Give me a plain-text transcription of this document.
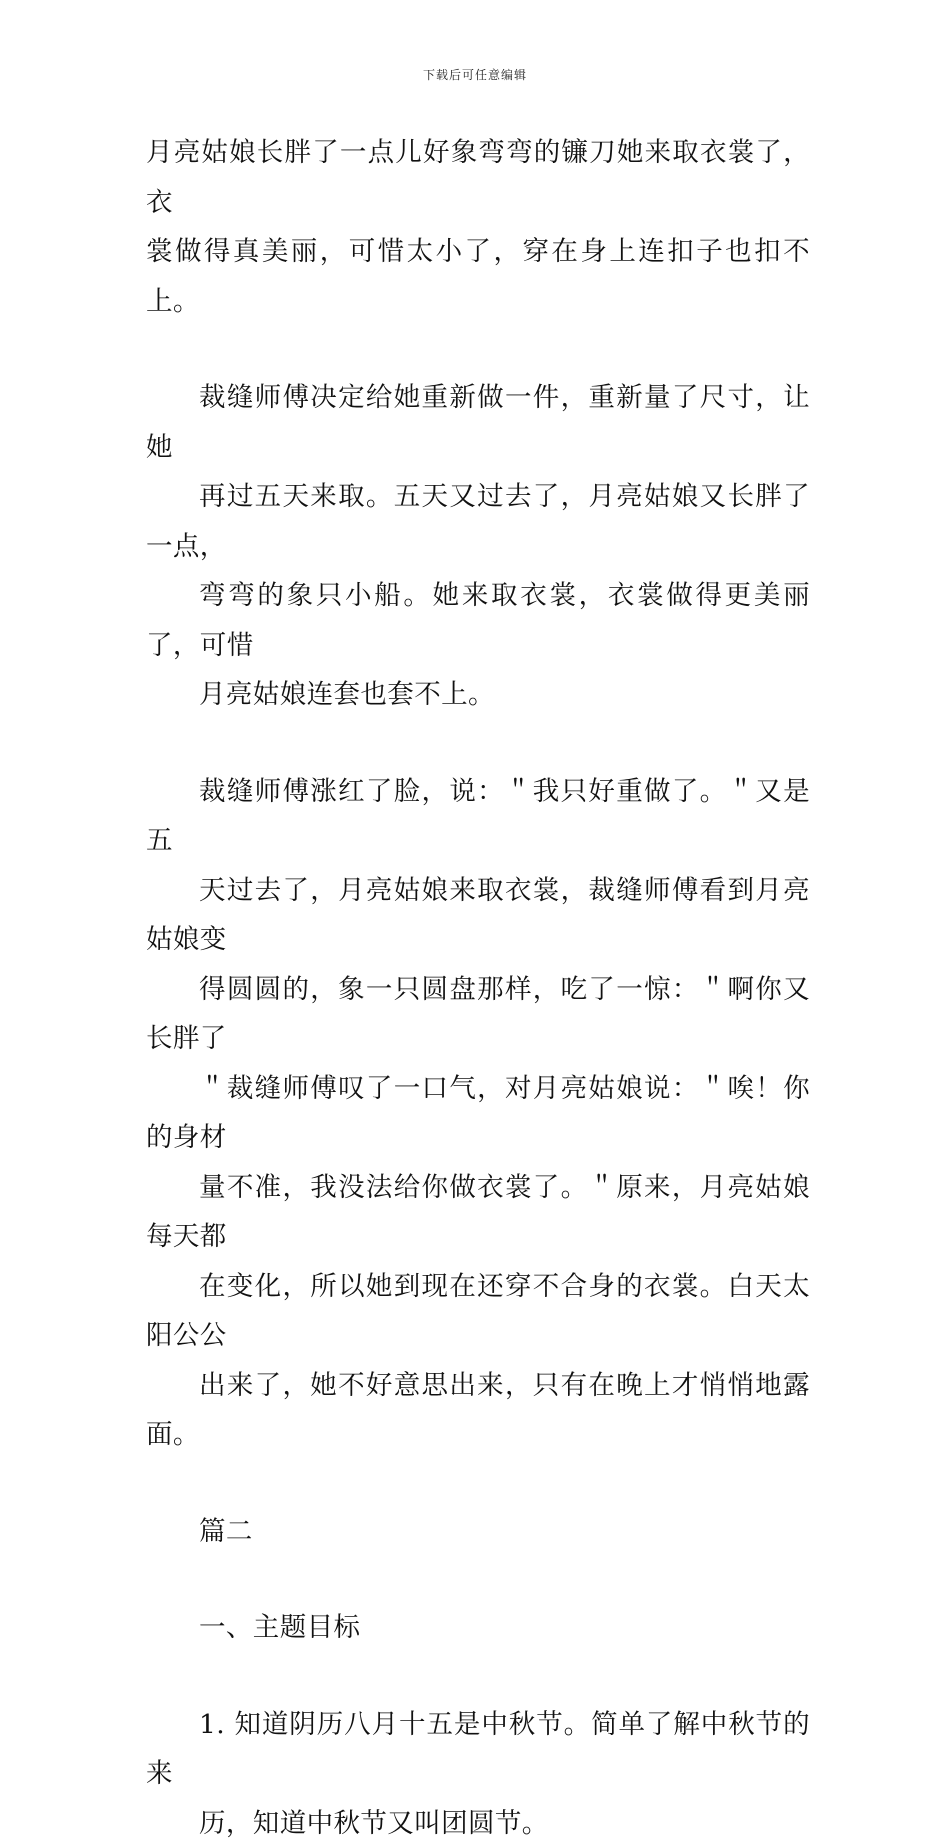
下载后可任意编辑

月亮姑娘长胖了一点儿好象弯弯的镰刀她来取衣裳了，衣
裳做得真美丽，可惜太小了，穿在身上连扣子也扣不上。

裁缝师傅决定给她重新做一件，重新量了尺寸，让她
再过五天来取。五天又过去了，月亮姑娘又长胖了一点，
弯弯的象只小船。她来取衣裳，衣裳做得更美丽了，可惜
月亮姑娘连套也套不上。

裁缝师傅涨红了脸，说：＂我只好重做了。＂又是五
天过去了，月亮姑娘来取衣裳，裁缝师傅看到月亮姑娘变
得圆圆的，象一只圆盘那样，吃了一惊：＂啊你又长胖了
＂裁缝师傅叹了一口气，对月亮姑娘说：＂唉！你的身材
量不准，我没法给你做衣裳了。＂原来，月亮姑娘每天都
在变化，所以她到现在还穿不合身的衣裳。白天太阳公公
出来了，她不好意思出来，只有在晚上才悄悄地露面。

篇二

一、主题目标

1. 知道阴历八月十五是中秋节。简单了解中秋节的来
历，知道中秋节又叫团圆节。
